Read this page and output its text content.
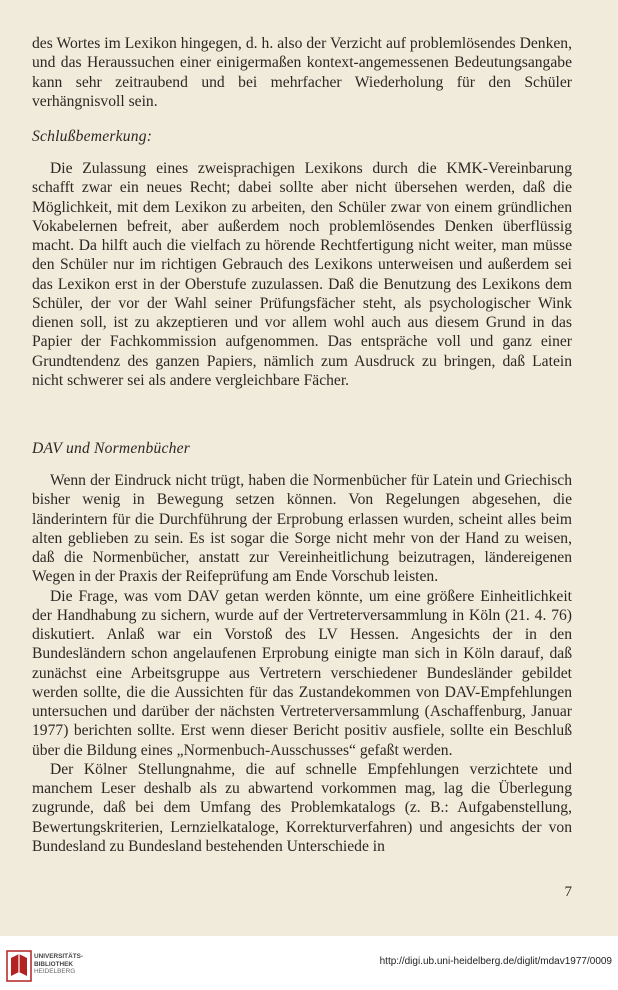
des Wortes im Lexikon hingegen, d. h. also der Verzicht auf problemlösendes Denken, und das Heraussuchen einer einigermaßen kontext-angemessenen Bedeutungsangabe kann sehr zeitraubend und bei mehrfacher Wiederholung für den Schüler verhängnisvoll sein.

Schlußbemerkung:

Die Zulassung eines zweisprachigen Lexikons durch die KMK-Vereinbarung schafft zwar ein neues Recht; dabei sollte aber nicht übersehen werden, daß die Möglichkeit, mit dem Lexikon zu arbeiten, den Schüler zwar von einem gründlichen Vokabelernen befreit, aber außerdem noch problemlösendes Denken überflüssig macht. Da hilft auch die vielfach zu hörende Rechtfertigung nicht weiter, man müsse den Schüler nur im richtigen Gebrauch des Lexikons unterweisen und außerdem sei das Lexikon erst in der Oberstufe zuzulassen. Daß die Benutzung des Lexikons dem Schüler, der vor der Wahl seiner Prüfungsfächer steht, als psychologischer Wink dienen soll, ist zu akzeptieren und vor allem wohl auch aus diesem Grund in das Papier der Fachkommission aufgenommen. Das entspräche voll und ganz einer Grundtendenz des ganzen Papiers, nämlich zum Ausdruck zu bringen, daß Latein nicht schwerer sei als andere vergleichbare Fächer.

DAV und Normenbücher

Wenn der Eindruck nicht trügt, haben die Normenbücher für Latein und Griechisch bisher wenig in Bewegung setzen können. Von Regelungen abgesehen, die länderintern für die Durchführung der Erprobung erlassen wurden, scheint alles beim alten geblieben zu sein. Es ist sogar die Sorge nicht mehr von der Hand zu weisen, daß die Normenbücher, anstatt zur Vereinheitlichung beizutragen, ländereigenen Wegen in der Praxis der Reifeprüfung am Ende Vorschub leisten.

Die Frage, was vom DAV getan werden könnte, um eine größere Einheitlichkeit der Handhabung zu sichern, wurde auf der Vertreterversammlung in Köln (21. 4. 76) diskutiert. Anlaß war ein Vorstoß des LV Hessen. Angesichts der in den Bundesländern schon angelaufenen Erprobung einigte man sich in Köln darauf, daß zunächst eine Arbeitsgruppe aus Vertretern verschiedener Bundesländer gebildet werden sollte, die die Aussichten für das Zustandekommen von DAV-Empfehlungen untersuchen und darüber der nächsten Vertreterversammlung (Aschaffenburg, Januar 1977) berichten sollte. Erst wenn dieser Bericht positiv ausfiele, sollte ein Beschluß über die Bildung eines „Normenbuch-Ausschusses“ gefaßt werden.

Der Kölner Stellungnahme, die auf schnelle Empfehlungen verzichtete und manchem Leser deshalb als zu abwartend vorkommen mag, lag die Überlegung zugrunde, daß bei dem Umfang des Problemkatalogs (z. B.: Aufgabenstellung, Bewertungskriterien, Lernzielkataloge, Korrekturverfahren) und angesichts der von Bundesland zu Bundesland bestehenden Unterschiede in

7
UNIVERSITÄTS-
BIBLIOTHEK
HEIDELBERG
http://digi.ub.uni-heidelberg.de/diglit/mdav1977/0009
